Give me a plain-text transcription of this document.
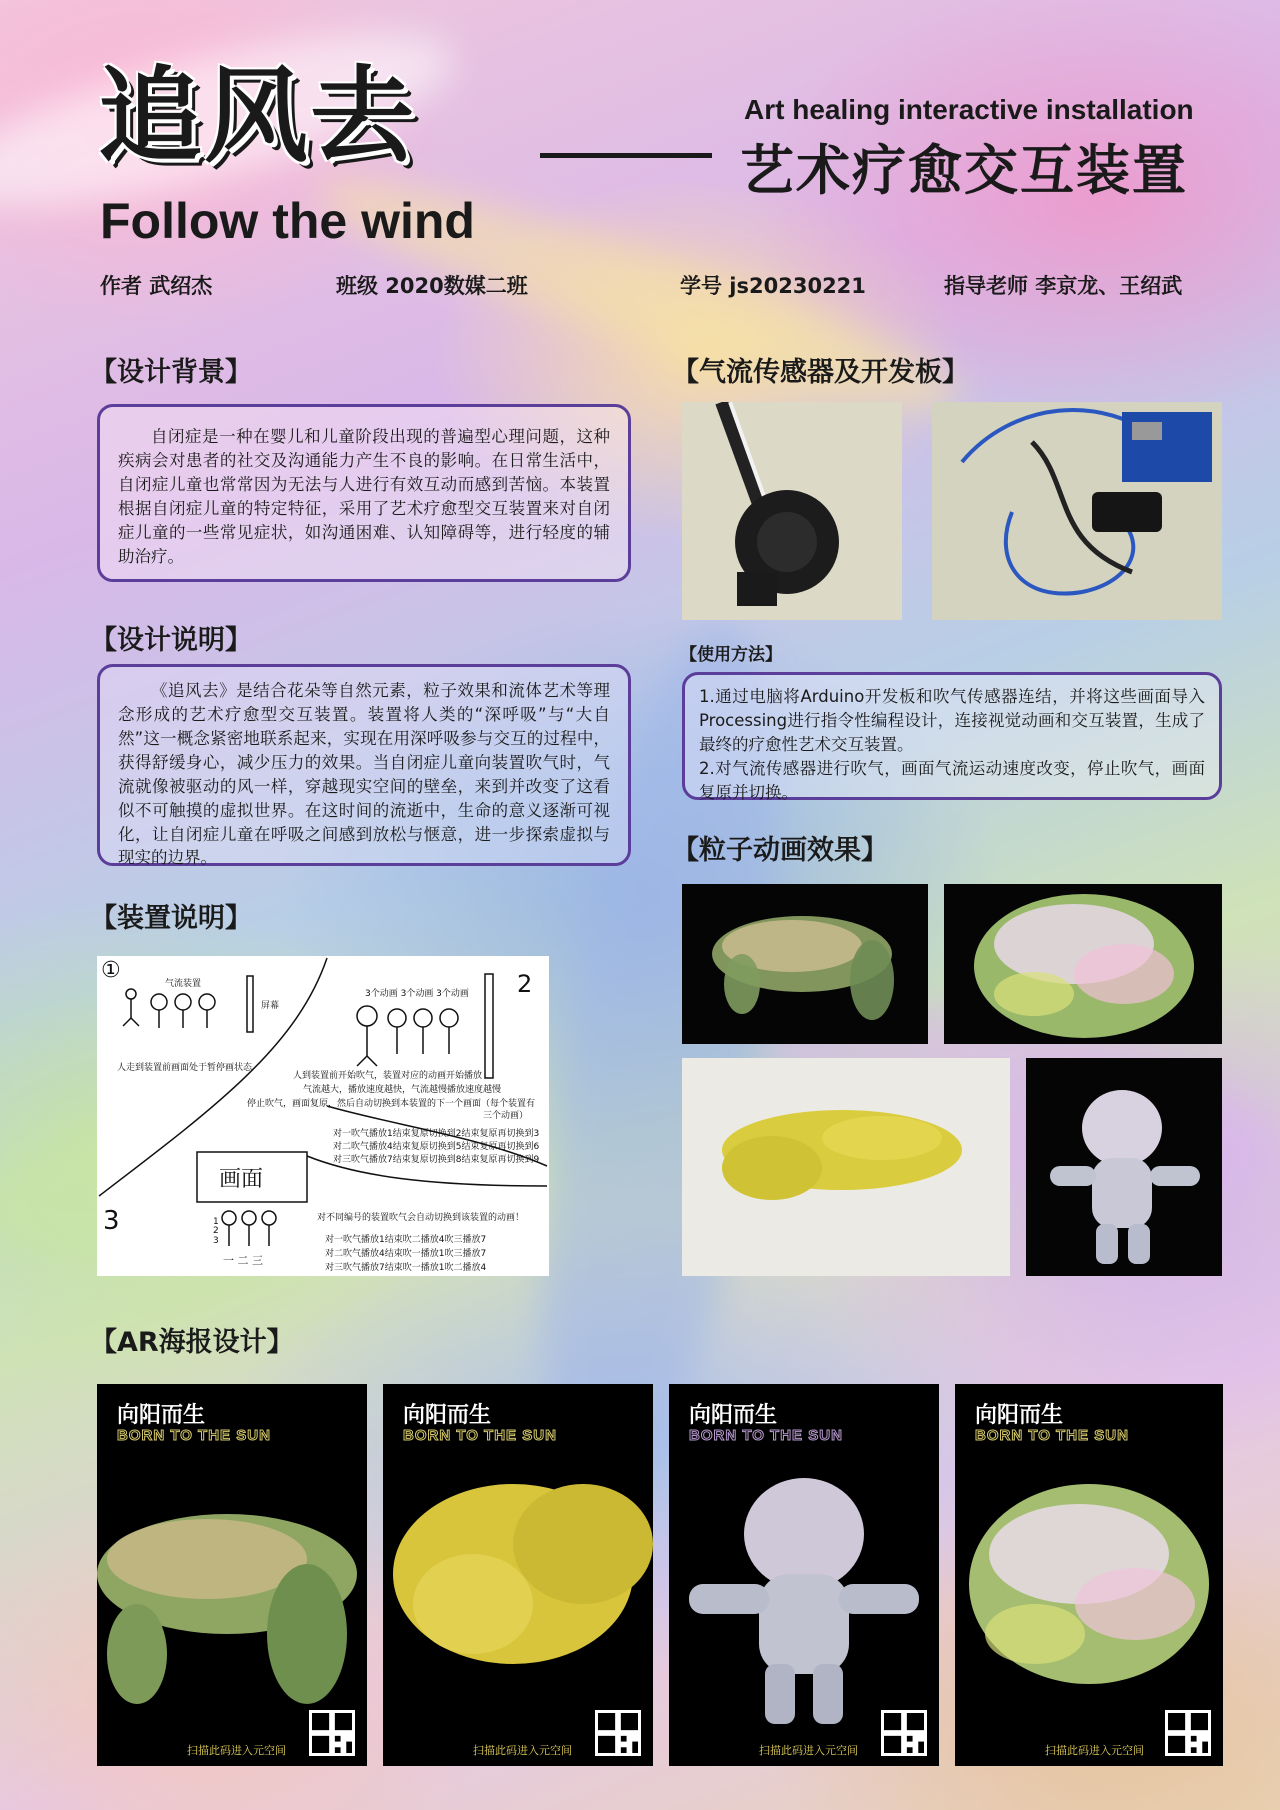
追风去
Follow the wind
Art healing interactive installation
艺术疗愈交互装置
作者 武绍杰	班级 2020数媒二班	学号 js20230221	指导老师 李京龙、王绍武
【设计背景】
自闭症是一种在婴儿和儿童阶段出现的普遍型心理问题，这种疾病会对患者的社交及沟通能力产生不良的影响。在日常生活中，自闭症儿童也常常因为无法与人进行有效互动而感到苦恼。本装置根据自闭症儿童的特定特征，采用了艺术疗愈型交互装置来对自闭症儿童的一些常见症状，如沟通困难、认知障碍等，进行轻度的辅助治疗。
【设计说明】
《追风去》是结合花朵等自然元素，粒子效果和流体艺术等理念形成的艺术疗愈型交互装置。装置将人类的“深呼吸”与“大自然”这一概念紧密地联系起来，实现在用深呼吸参与交互的过程中，获得舒缓身心，减少压力的效果。当自闭症儿童向装置吹气时，气流就像被驱动的风一样，穿越现实空间的壁垒，来到并改变了这看似不可触摸的虚拟世界。在这时间的流逝中，生命的意义逐渐可视化，让自闭症儿童在呼吸之间感到放松与惬意，进一步探索虚拟与现实的边界。
【装置说明】
①	2
3
气流装置
屏幕
人走到装置前画面处于暂停画状态
3个动画 3个动画 3个动画
人到装置前开始吹气，装置对应的动画开始播放
气流越大，播放速度越快，气流越慢播放速度越慢
停止吹气，画面复原，然后自动切换到本装置的下一个画面（每个装置有
三个动画）
对一吹气播放1结束复原切换到2结束复原再切换到3
对二吹气播放4结束复原切换到5结束复原再切换到6
对三吹气播放7结束复原切换到8结束复原再切换到9
画面
1
2
3
一 二 三
对不同编号的装置吹气会自动切换到该装置的动画！
对一吹气播放1结束吹二播放4吹三播放7
对二吹气播放4结束吹一播放1吹三播放7
对三吹气播放7结束吹一播放1吹二播放4
【气流传感器及开发板】
【使用方法】
1.通过电脑将Arduino开发板和吹气传感器连结，并将这些画面导入Processing进行指令性编程设计，连接视觉动画和交互装置，生成了最终的疗愈性艺术交互装置。
2.对气流传感器进行吹气，画面气流运动速度改变，停止吹气，画面复原并切换。
【粒子动画效果】
【AR海报设计】
向阳而生
BORN TO THE SUN
扫描此码进入元空间
向阳而生
BORN TO THE SUN
扫描此码进入元空间
向阳而生
BORN TO THE SUN
扫描此码进入元空间
向阳而生
BORN TO THE SUN
扫描此码进入元空间
